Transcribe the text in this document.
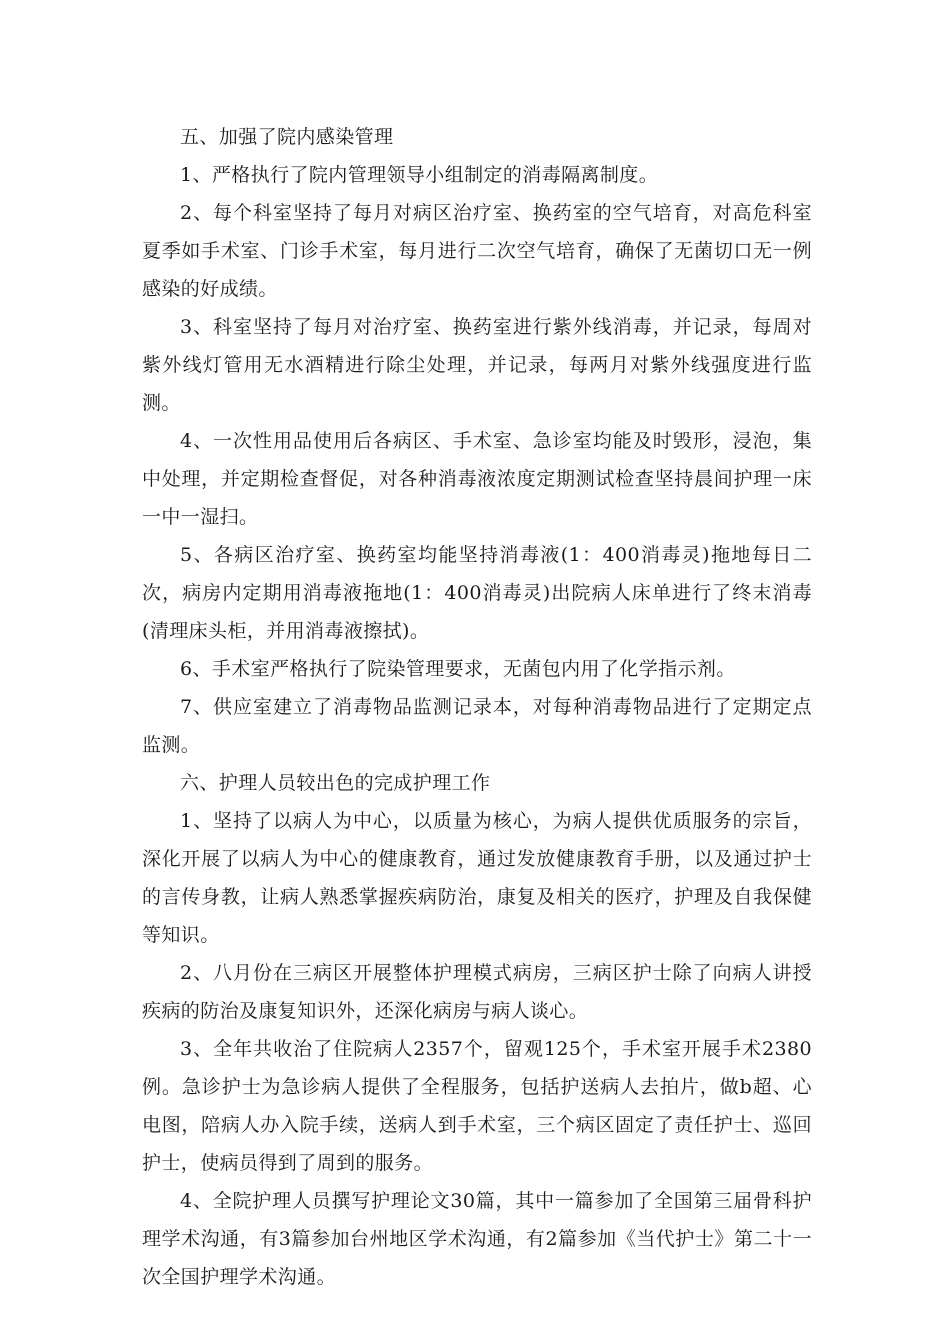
五、加强了院内感染管理

1、严格执行了院内管理领导小组制定的消毒隔离制度。

2、每个科室坚持了每月对病区治疗室、换药室的空气培育，对高危科室夏季如手术室、门诊手术室，每月进行二次空气培育，确保了无菌切口无一例感染的好成绩。

3、科室坚持了每月对治疗室、换药室进行紫外线消毒，并记录，每周对紫外线灯管用无水酒精进行除尘处理，并记录，每两月对紫外线强度进行监测。

4、一次性用品使用后各病区、手术室、急诊室均能及时毁形，浸泡，集中处理，并定期检查督促，对各种消毒液浓度定期测试检查坚持晨间护理一床一中一湿扫。

5、各病区治疗室、换药室均能坚持消毒液(1：400消毒灵)拖地每日二次，病房内定期用消毒液拖地(1：400消毒灵)出院病人床单进行了终末消毒(清理床头柜，并用消毒液擦拭)。

6、手术室严格执行了院染管理要求，无菌包内用了化学指示剂。

7、供应室建立了消毒物品监测记录本，对每种消毒物品进行了定期定点监测。

六、护理人员较出色的完成护理工作

1、坚持了以病人为中心，以质量为核心，为病人提供优质服务的宗旨，深化开展了以病人为中心的健康教育，通过发放健康教育手册，以及通过护士的言传身教，让病人熟悉掌握疾病防治，康复及相关的医疗，护理及自我保健等知识。

2、八月份在三病区开展整体护理模式病房，三病区护士除了向病人讲授疾病的防治及康复知识外，还深化病房与病人谈心。

3、全年共收治了住院病人2357个，留观125个，手术室开展手术2380例。急诊护士为急诊病人提供了全程服务，包括护送病人去拍片，做b超、心电图，陪病人办入院手续，送病人到手术室，三个病区固定了责任护士、巡回护士，使病员得到了周到的服务。

4、全院护理人员撰写护理论文30篇，其中一篇参加了全国第三届骨科护理学术沟通，有3篇参加台州地区学术沟通，有2篇参加《当代护士》第二十一次全国护理学术沟通。
